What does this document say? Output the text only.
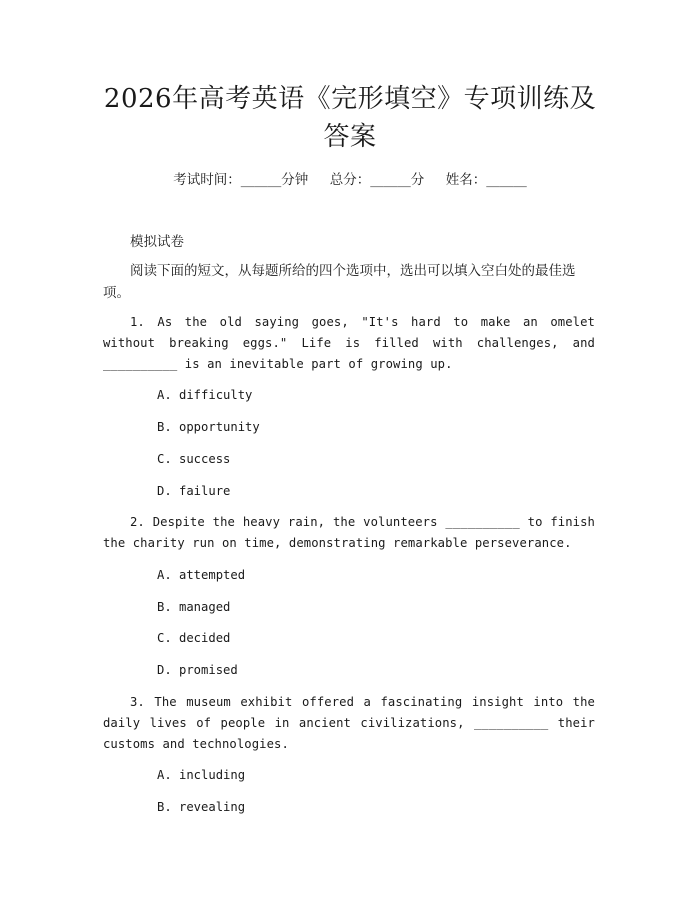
2026年高考英语《完形填空》专项训练及答案
考试时间：______分钟     总分：______分     姓名：______
模拟试卷
阅读下面的短文，从每题所给的四个选项中，选出可以填入空白处的最佳选项。
1. As the old saying goes, "It's hard to make an omelet without breaking eggs." Life is filled with challenges, and __________ is an inevitable part of growing up.
A. difficulty
B. opportunity
C. success
D. failure
2. Despite the heavy rain, the volunteers __________ to finish the charity run on time, demonstrating remarkable perseverance.
A. attempted
B. managed
C. decided
D. promised
3. The museum exhibit offered a fascinating insight into the daily lives of people in ancient civilizations, __________ their customs and technologies.
A. including
B. revealing
